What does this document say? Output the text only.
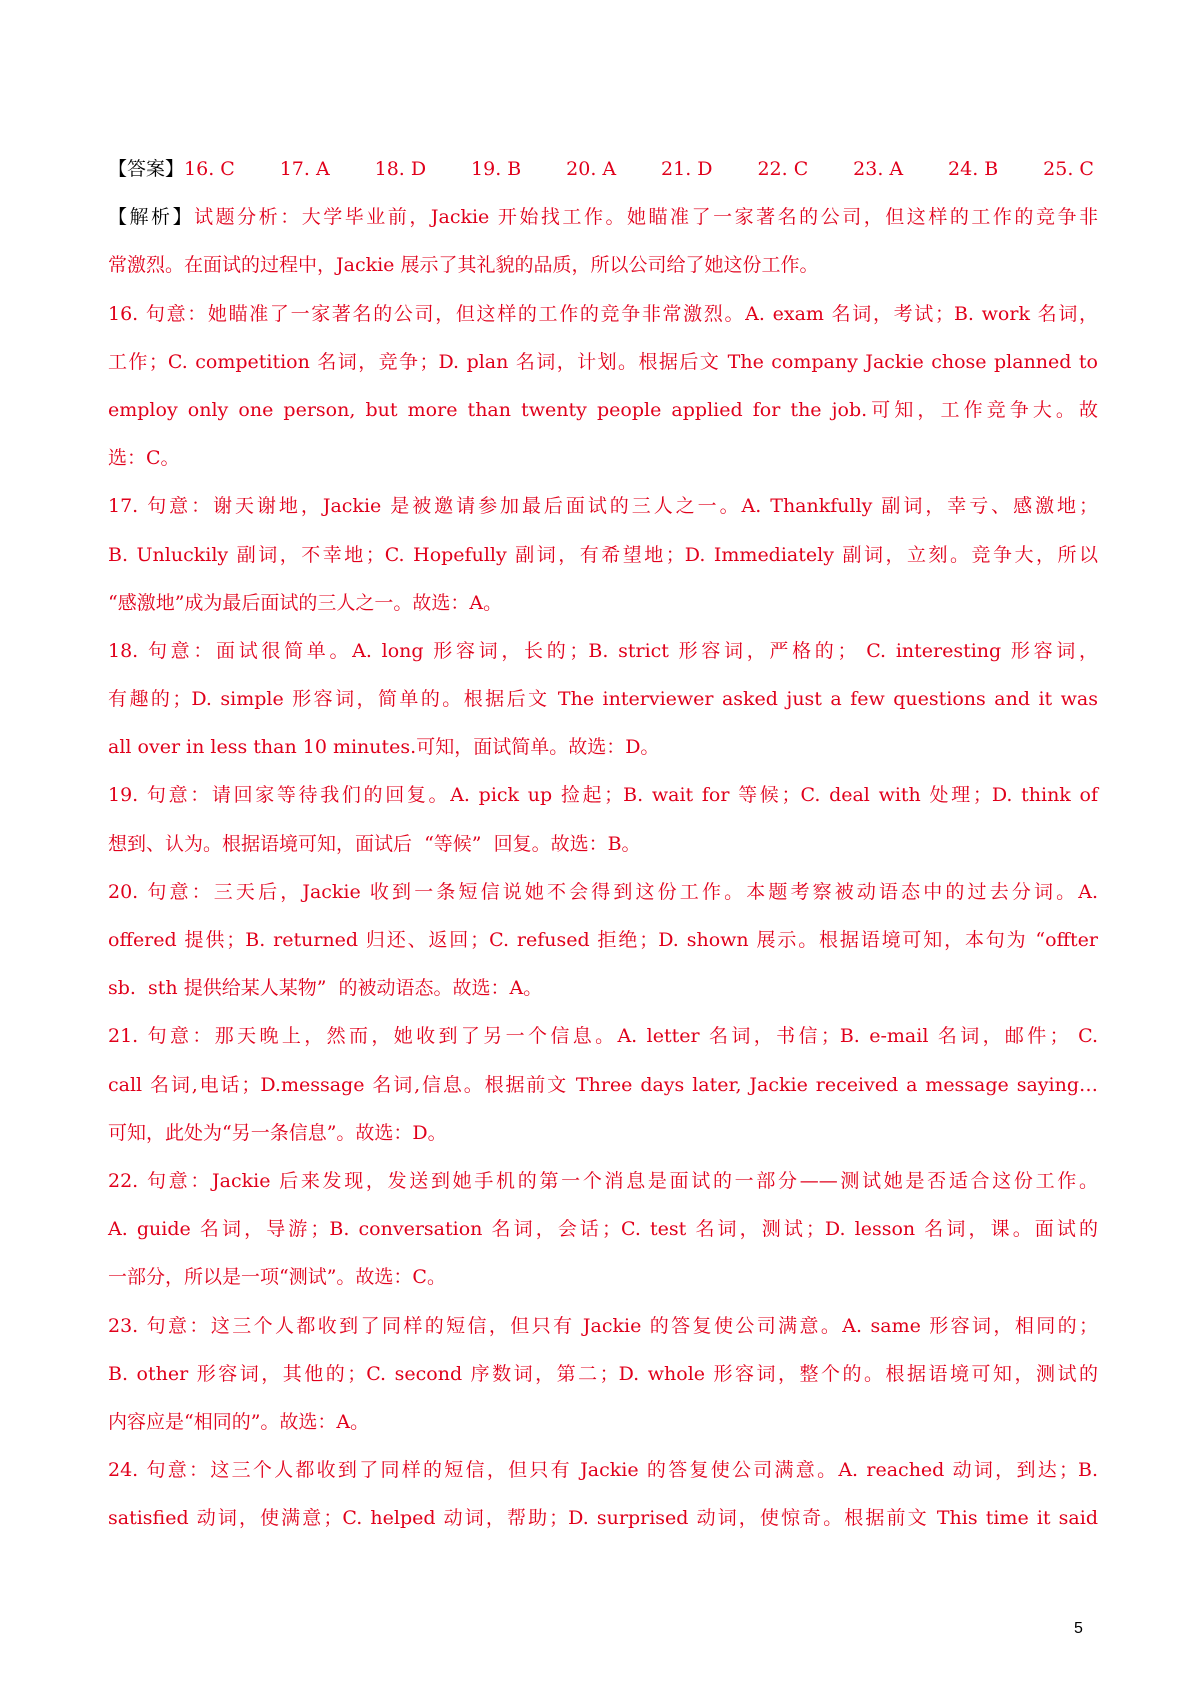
【答案】 16. C 17. A 18. D 19. B 20. A 21. D 22. C 23. A 24. B 25. C
【解析】试题分析：大学毕业前，Jackie 开始找工作。她瞄准了一家著名的公司，但这样的工作的竞争非
常激烈。在面试的过程中，Jackie 展示了其礼貌的品质，所以公司给了她这份工作。
16. 句意：她瞄准了一家著名的公司，但这样的工作的竞争非常激烈。A. exam 名词，考试；B. work 名词，
工作；C. competition 名词，竞争；D. plan 名词，计划。根据后文 The company Jackie chose planned to
employ only one person, but more than twenty people applied for the job.可知，工作竞争大。故
选：C。
17. 句意：谢天谢地，Jackie 是被邀请参加最后面试的三人之一。A. Thankfully 副词，幸亏、感激地；
B. Unluckily 副词，不幸地；C. Hopefully 副词，有希望地；D. Immediately 副词，立刻。竞争大，所以
“感激地”成为最后面试的三人之一。故选：A。
18. 句意：面试很简单。A. long 形容词，长的；B. strict 形容词，严格的； C. interesting 形容词，
有趣的；D. simple 形容词，简单的。根据后文 The interviewer asked just a few questions and it was
all over in less than 10 minutes.可知，面试简单。故选：D。
19. 句意：请回家等待我们的回复。A. pick up 捡起；B. wait for 等候；C. deal with 处理；D. think of
想到、认为。根据语境可知，面试后  “等候”  回复。故选：B。
20. 句意：三天后，Jackie 收到一条短信说她不会得到这份工作。本题考察被动语态中的过去分词。A.
offered 提供；B. returned 归还、返回；C. refused 拒绝；D. shown 展示。根据语境可知，本句为 “offter
sb.  sth 提供给某人某物”  的被动语态。故选：A。
21. 句意：那天晚上，然而，她收到了另一个信息。A. letter 名词，书信；B. e-mail 名词，邮件； C.
call 名词,电话；D.message 名词,信息。根据前文 Three days later, Jackie received a message saying…
可知，此处为“另一条信息”。故选：D。
22. 句意：Jackie 后来发现，发送到她手机的第一个消息是面试的一部分——测试她是否适合这份工作。
A. guide 名词，导游；B. conversation 名词，会话；C. test 名词，测试；D. lesson 名词，课。面试的
一部分，所以是一项“测试”。故选：C。
23. 句意：这三个人都收到了同样的短信，但只有 Jackie 的答复使公司满意。A. same 形容词，相同的；
B. other 形容词，其他的；C. second 序数词，第二；D. whole 形容词，整个的。根据语境可知，测试的
内容应是“相同的”。故选：A。
24. 句意：这三个人都收到了同样的短信，但只有 Jackie 的答复使公司满意。A. reached 动词，到达；B.
satisfied 动词，使满意；C. helped 动词，帮助；D. surprised 动词，使惊奇。根据前文 This time it said
5
